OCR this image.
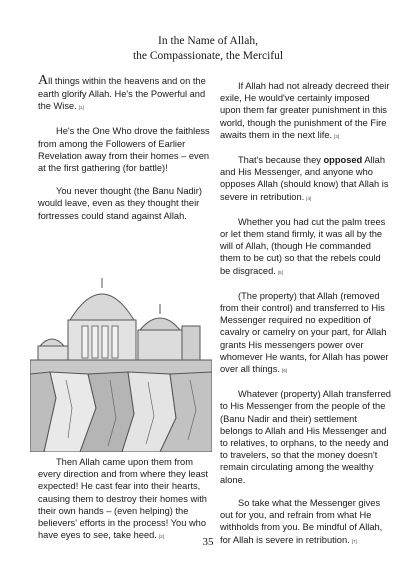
In the Name of Allah,
the Compassionate, the Merciful

All things within the heavens and on the earth glorify Allah. He's the Powerful and the Wise. [1]

He's the One Who drove the faithless from among the Followers of Earlier Revelation away from their homes – even at the first gathering (for battle)!

You never thought (the Banu Nadir) would leave, even as they thought their fortresses could stand against Allah.

Then Allah came upon them from every direction and from where they least expected! He cast fear into their hearts, causing them to destroy their homes with their own hands – (even helping) the believers' efforts in the process! You who have eyes to see, take heed. [2]

If Allah had not already decreed their exile, He would've certainly imposed upon them far greater punishment in this world, though the punishment of the Fire awaits them in the next life. [3]

That's because they opposed Allah and His Messenger, and anyone who opposes Allah (should know) that Allah is severe in retribution. [4]

Whether you had cut the palm trees or let them stand firmly, it was all by the will of Allah, (though He commanded them to be cut) so that the rebels could be disgraced. [5]

(The property) that Allah (removed from their control) and transferred to His Messenger required no expedition of cavalry or camelry on your part, for Allah grants His messengers power over whomever He wants, for Allah has power over all things. [6]

Whatever (property) Allah transferred to His Messenger from the people of the (Banu Nadir and their) settlement belongs to Allah and His Messenger and to relatives, to orphans, to the needy and to travelers, so that the money doesn't remain circulating among the wealthy alone.

So take what the Messenger gives out for you, and refrain from what He withholds from you. Be mindful of Allah, for Allah is severe in retribution. [7]

35
